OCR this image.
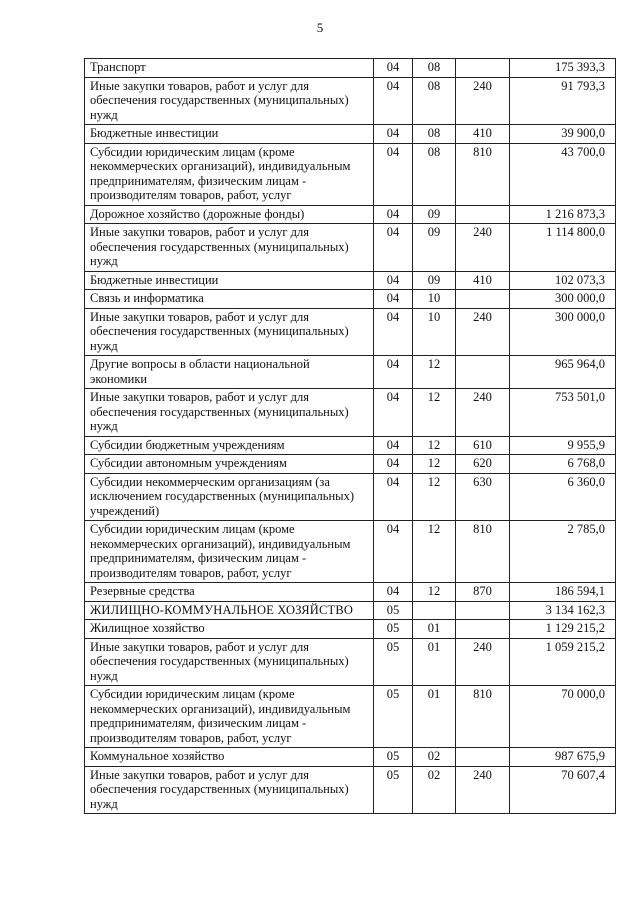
5
Транспорт	04	08		175 393,3
Иные закупки товаров, работ и услуг для обеспечения государственных (муниципальных) нужд	04	08	240	91 793,3
Бюджетные инвестиции	04	08	410	39 900,0
Субсидии юридическим лицам (кроме некоммерческих организаций), индивидуальным предпринимателям, физическим лицам - производителям товаров, работ, услуг	04	08	810	43 700,0
Дорожное хозяйство (дорожные фонды)	04	09		1 216 873,3
Иные закупки товаров, работ и услуг для обеспечения государственных (муниципальных) нужд	04	09	240	1 114 800,0
Бюджетные инвестиции	04	09	410	102 073,3
Связь и информатика	04	10		300 000,0
Иные закупки товаров, работ и услуг для обеспечения государственных (муниципальных) нужд	04	10	240	300 000,0
Другие вопросы в области национальной экономики	04	12		965 964,0
Иные закупки товаров, работ и услуг для обеспечения государственных (муниципальных) нужд	04	12	240	753 501,0
Субсидии бюджетным учреждениям	04	12	610	9 955,9
Субсидии автономным учреждениям	04	12	620	6 768,0
Субсидии некоммерческим организациям (за исключением государственных (муниципальных) учреждений)	04	12	630	6 360,0
Субсидии юридическим лицам (кроме некоммерческих организаций), индивидуальным предпринимателям, физическим лицам - производителям товаров, работ, услуг	04	12	810	2 785,0
Резервные средства	04	12	870	186 594,1
ЖИЛИЩНО-КОММУНАЛЬНОЕ ХОЗЯЙСТВО	05			3 134 162,3
Жилищное хозяйство	05	01		1 129 215,2
Иные закупки товаров, работ и услуг для обеспечения государственных (муниципальных) нужд	05	01	240	1 059 215,2
Субсидии юридическим лицам (кроме некоммерческих организаций), индивидуальным предпринимателям, физическим лицам - производителям товаров, работ, услуг	05	01	810	70 000,0
Коммунальное хозяйство	05	02		987 675,9
Иные закупки товаров, работ и услуг для обеспечения государственных (муниципальных) нужд	05	02	240	70 607,4
